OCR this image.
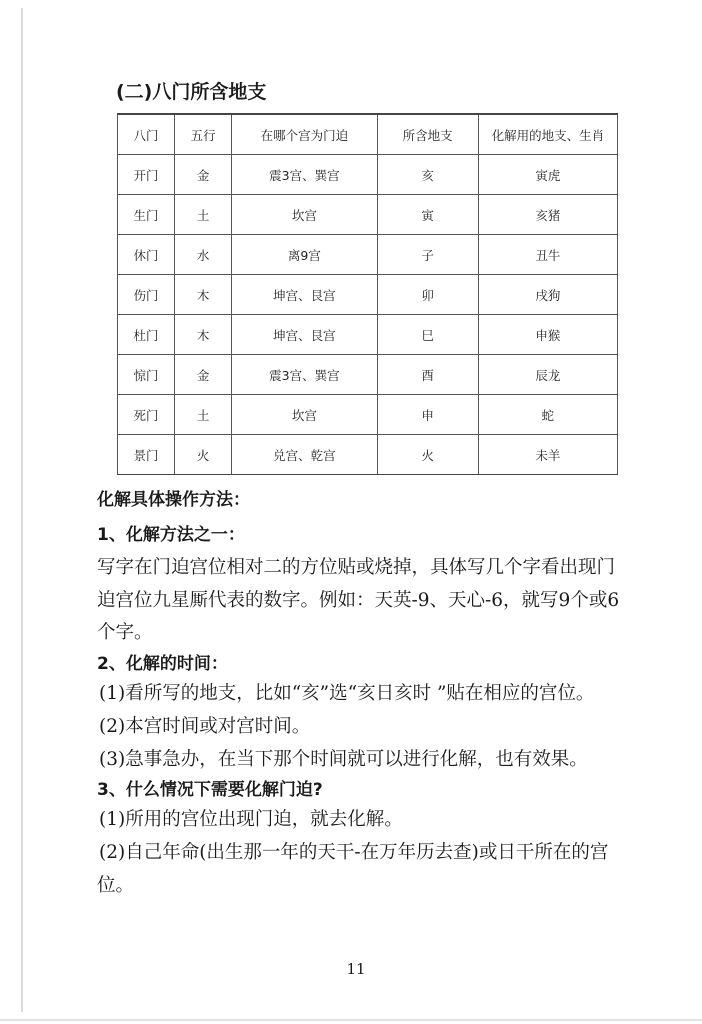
(二)八门所含地支
八门	五行	在哪个宫为门迫	所含地支	化解用的地支、生肖
开门	金	震3宫、巽宫	亥	寅虎
生门	土	坎宫	寅	亥猪
休门	水	离9宫	子	丑牛
伤门	木	坤宫、艮宫	卯	戌狗
杜门	木	坤宫、艮宫	巳	申猴
惊门	金	震3宫、巽宫	酉	辰龙
死门	土	坎宫	申	蛇
景门	火	兑宫、乾宫	火	未羊
化解具体操作方法：
1、化解方法之一：
写字在门迫宫位相对二的方位贴或烧掉，具体写几个字看出现门
迫宫位九星厮代表的数字。例如：天英-9、天心-6，就写9个或6
个字。
2、化解的时间：
(1)看所写的地支，比如“亥”选“亥日亥时 ”贴在相应的宫位。
(2)本宫时间或对宫时间。
(3)急事急办，在当下那个时间就可以进行化解，也有效果。
3、什么情况下需要化解门迫?
(1)所用的宫位出现门迫，就去化解。
(2)自己年命(出生那一年的天干-在万年历去查)或日干所在的宫
位。
11
